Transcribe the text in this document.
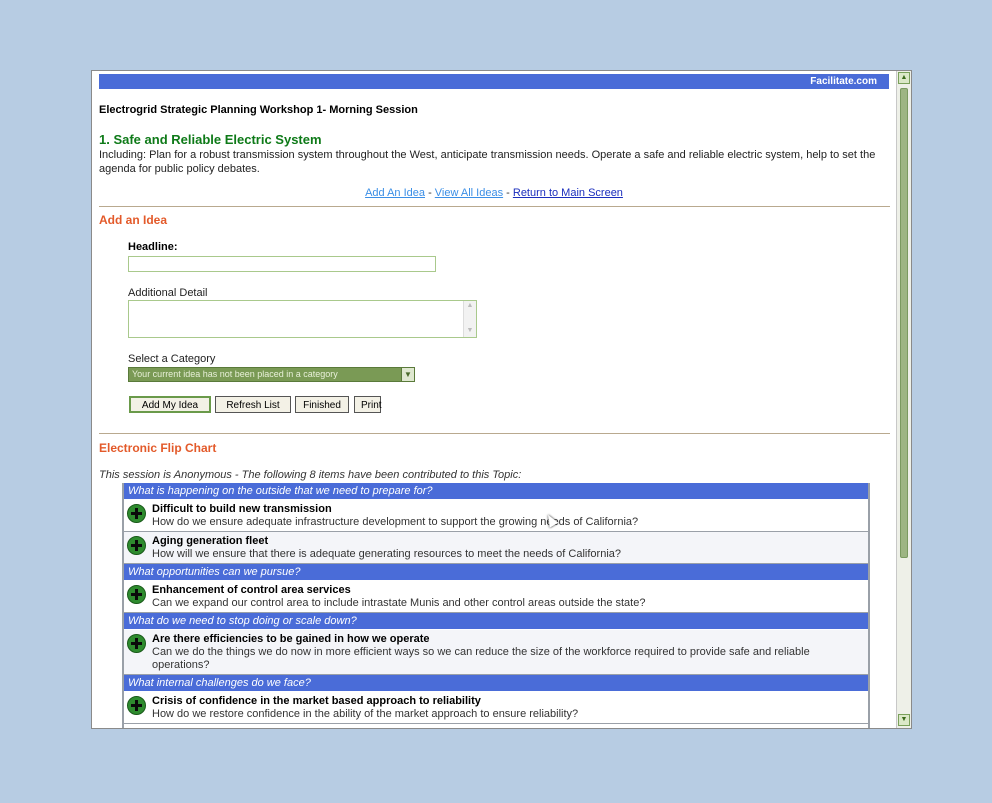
Facilitate.com
Electrogrid Strategic Planning Workshop 1- Morning Session
1. Safe and Reliable Electric System
Including: Plan for a robust transmission system throughout the West, anticipate transmission needs. Operate a safe and reliable electric system, help to set the agenda for public policy debates.
Add An Idea - View All Ideas - Return to Main Screen
Add an Idea
Headline:
Additional Detail
▲
▼
Select a Category
Your current idea has not been placed in a category	▼
Add My Idea	Refresh List	Finished	Print
Electronic Flip Chart
This session is Anonymous - The following 8 items have been contributed to this Topic:
What is happening on the outside that we need to prepare for?
Difficult to build new transmission
How do we ensure adequate infrastructure development to support the growing needs of California?
Aging generation fleet
How will we ensure that there is adequate generating resources to meet the needs of California?
What opportunities can we pursue?
Enhancement of control area services
Can we expand our control area to include intrastate Munis and other control areas outside the state?
What do we need to stop doing or scale down?
Are there efficiencies to be gained in how we operate
Can we do the things we do now in more efficient ways so we can reduce the size of the workforce required to provide safe and reliable operations?
What internal challenges do we face?
Crisis of confidence in the market based approach to reliability
How do we restore confidence in the ability of the market approach to ensure reliability?
▲
▼
